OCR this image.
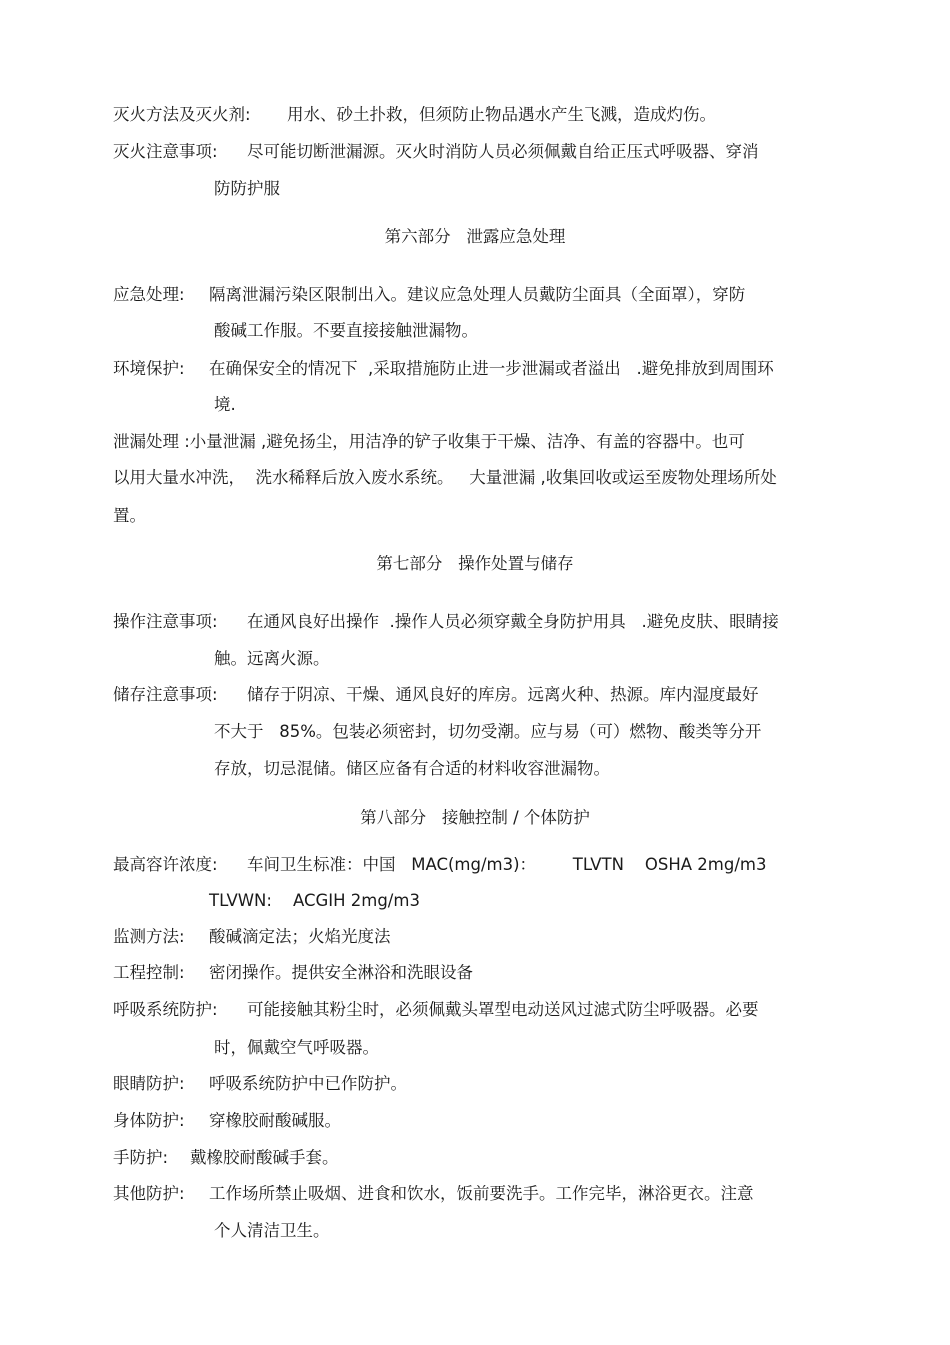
灭火方法及灭火剂: 用水、砂土扑救，但须防止物品遇水产生飞溅，造成灼伤。
灭火注意事项: 尽可能切断泄漏源。灭火时消防人员必须佩戴自给正压式呼吸器、穿消
防防护服
第六部分   泄露应急处理
应急处理: 隔离泄漏污染区限制出入。建议应急处理人员戴防尘面具（全面罩），穿防
酸碱工作服。不要直接接触泄漏物。
环境保护: 在确保安全的情况下  ,采取措施防止进一步泄漏或者溢出   .避免排放到周围环
境.
泄漏处理 :小量泄漏 ,避免扬尘，用洁净的铲子收集于干燥、洁净、有盖的容器中。也可
以用大量水冲洗，  洗水稀释后放入废水系统。   大量泄漏 ,收集回收或运至废物处理场所处
置。
第七部分   操作处置与储存
操作注意事项: 在通风良好出操作  .操作人员必须穿戴全身防护用具   .避免皮肤、眼睛接
触。远离火源。
储存注意事项: 储存于阴凉、干燥、通风良好的库房。远离火种、热源。库内湿度最好
不大于   85%。包装必须密封，切勿受潮。应与易（可）燃物、酸类等分开
存放，切忌混储。储区应备有合适的材料收容泄漏物。
第八部分   接触控制 / 个体防护
最高容许浓度: 车间卫生标准：中国   MAC(mg/m3)：       TLVTN    OSHA 2mg/m3
TLVWN:    ACGIH 2mg/m3
监测方法: 酸碱滴定法；火焰光度法
工程控制: 密闭操作。提供安全淋浴和洗眼设备
呼吸系统防护: 可能接触其粉尘时，必须佩戴头罩型电动送风过滤式防尘呼吸器。必要
时，佩戴空气呼吸器。
眼睛防护: 呼吸系统防护中已作防护。
身体防护: 穿橡胶耐酸碱服。
手防护: 戴橡胶耐酸碱手套。
其他防护: 工作场所禁止吸烟、进食和饮水，饭前要洗手。工作完毕，淋浴更衣。注意
个人清洁卫生。
